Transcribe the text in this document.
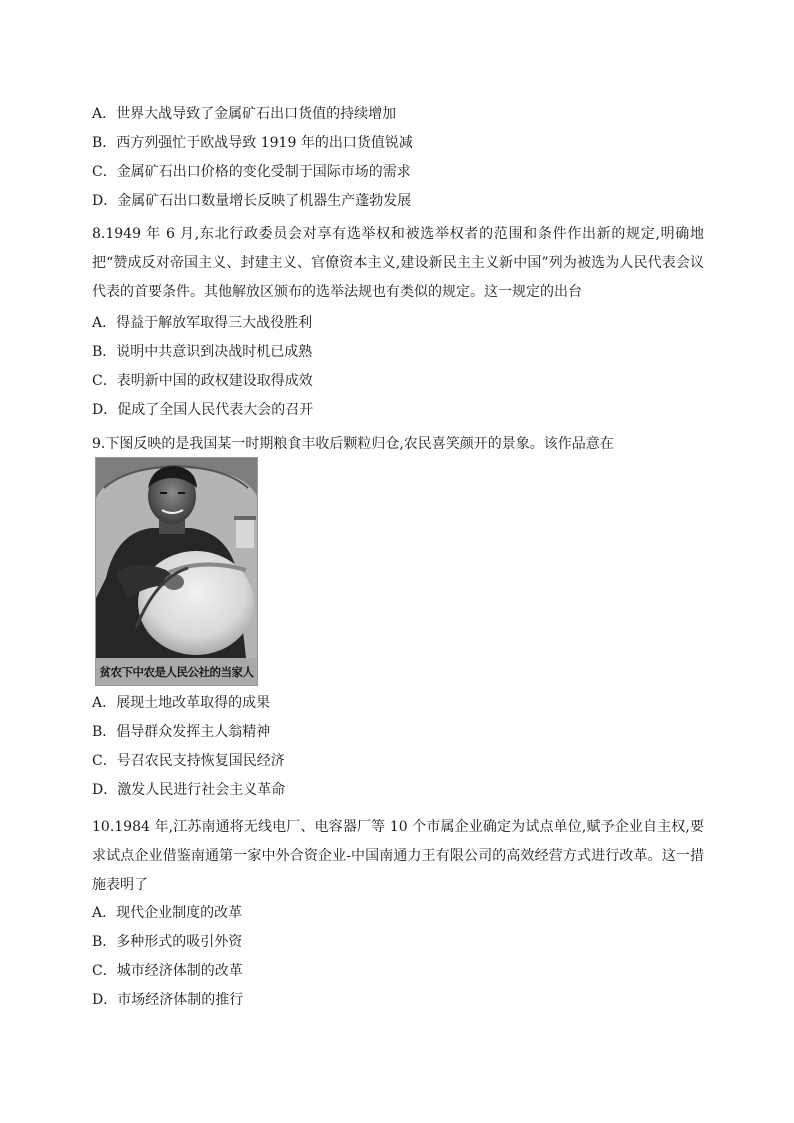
A．世界大战导致了金属矿石出口货值的持续增加
B．西方列强忙于欧战导致 1919 年的出口货值锐减
C．金属矿石出口价格的变化受制于国际市场的需求
D．金属矿石出口数量增长反映了机器生产蓬勃发展
8.1949 年 6 月,东北行政委员会对享有选举权和被选举权者的范围和条件作出新的规定,明确地把“赞成反对帝国主义、封建主义、官僚资本主义,建设新民主主义新中国”列为被选为人民代表会议代表的首要条件。其他解放区颁布的选举法规也有类似的规定。这一规定的出台
A．得益于解放军取得三大战役胜利
B．说明中共意识到决战时机已成熟
C．表明新中国的政权建设取得成效
D．促成了全国人民代表大会的召开
9.下图反映的是我国某一时期粮食丰收后颗粒归仓,农民喜笑颜开的景象。该作品意在
贫农下中农是人民公社的当家人
A．展现土地改革取得的成果
B．倡导群众发挥主人翁精神
C．号召农民支持恢复国民经济
D．激发人民进行社会主义革命
10.1984 年,江苏南通将无线电厂、电容器厂等 10 个市属企业确定为试点单位,赋予企业自主权,要求试点企业借鉴南通第一家中外合资企业-中国南通力王有限公司的高效经营方式进行改革。这一措施表明了
A．现代企业制度的改革
B．多种形式的吸引外资
C．城市经济体制的改革
D．市场经济体制的推行
